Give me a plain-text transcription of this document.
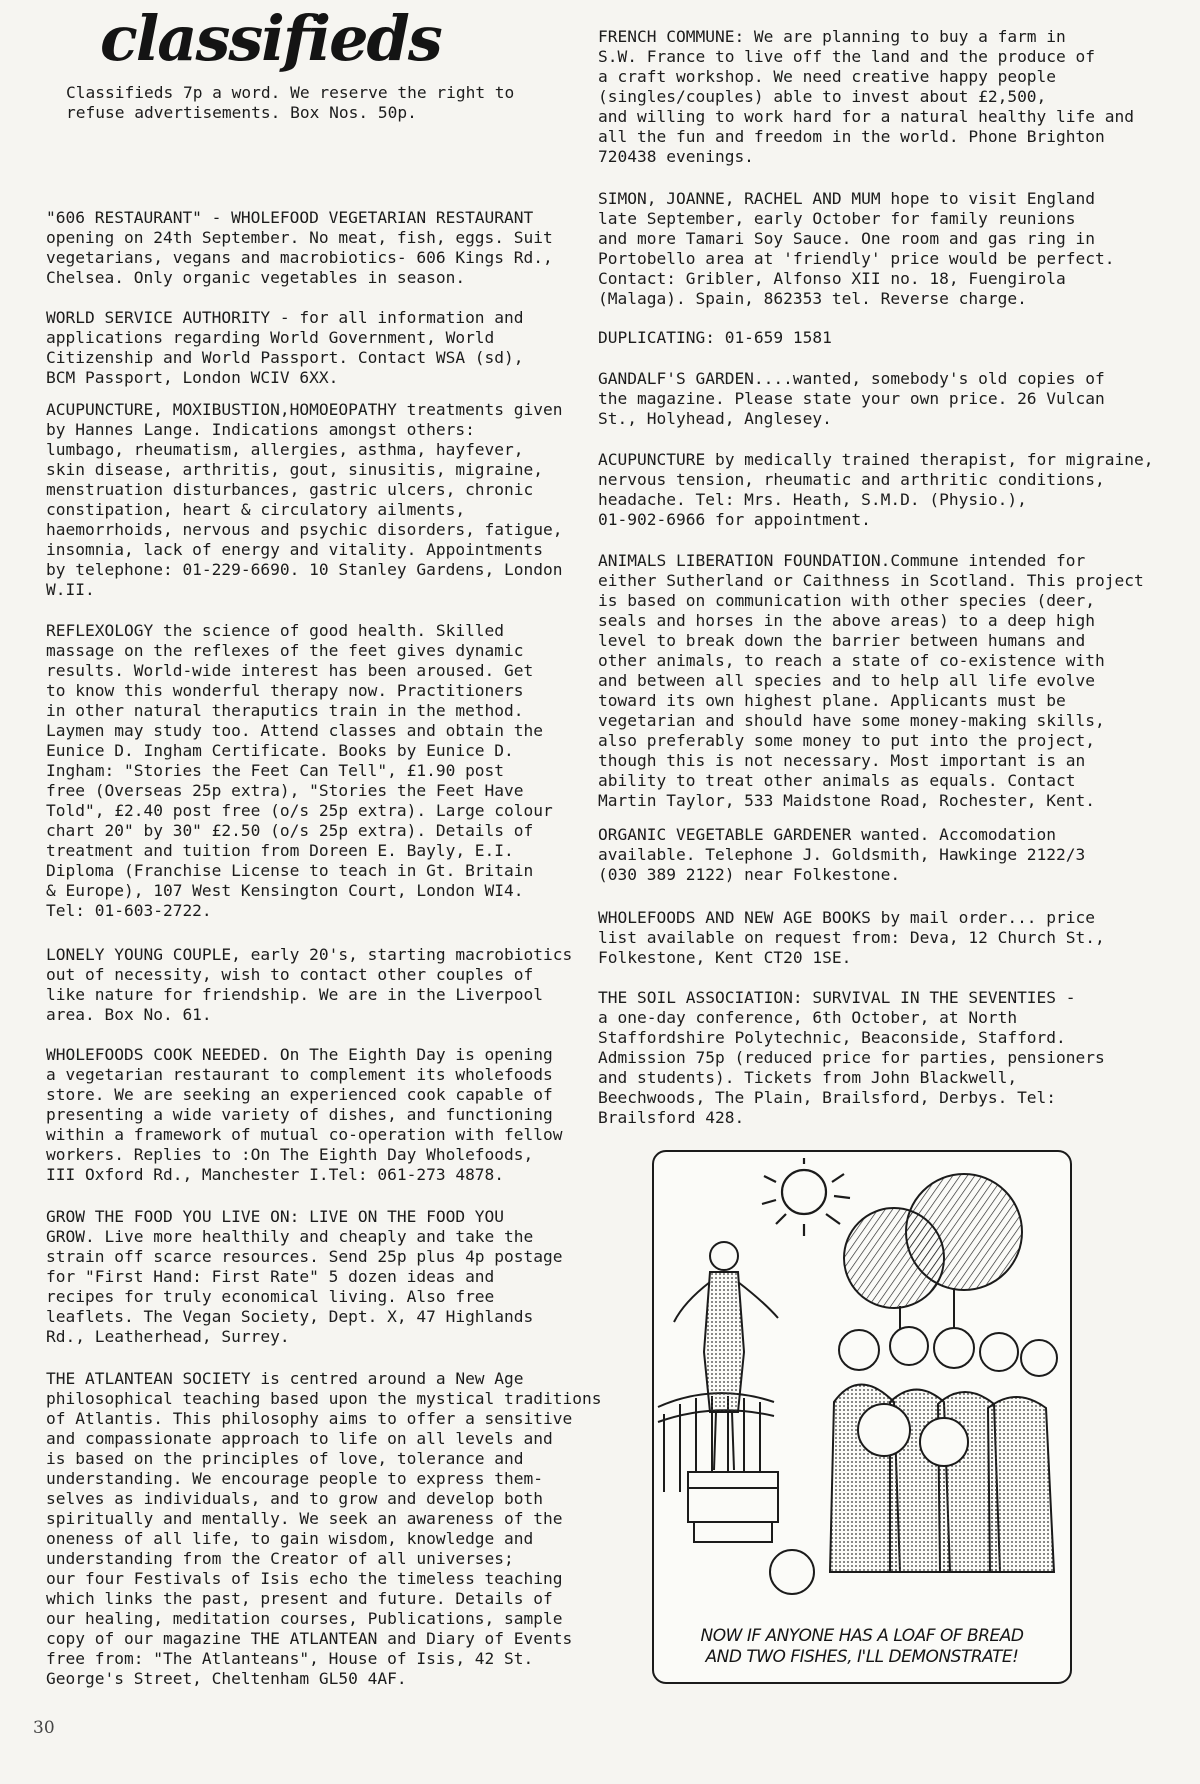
classifieds
Classifieds 7p a word. We reserve the right to
refuse advertisements. Box Nos. 50p.
"606 RESTAURANT" - WHOLEFOOD VEGETARIAN RESTAURANT
opening on 24th September. No meat, fish, eggs. Suit
vegetarians, vegans and macrobiotics- 606 Kings Rd.,
Chelsea. Only organic vegetables in season.
WORLD SERVICE AUTHORITY - for all information and
applications regarding World Government, World
Citizenship and World Passport. Contact WSA (sd),
BCM Passport, London WCIV 6XX.
ACUPUNCTURE, MOXIBUSTION,HOMOEOPATHY treatments given
by Hannes Lange. Indications amongst others:
lumbago, rheumatism, allergies, asthma, hayfever,
skin disease, arthritis, gout, sinusitis, migraine,
menstruation disturbances, gastric ulcers, chronic
constipation, heart & circulatory ailments,
haemorrhoids, nervous and psychic disorders, fatigue,
insomnia, lack of energy and vitality. Appointments
by telephone: 01-229-6690. 10 Stanley Gardens, London
W.II.
REFLEXOLOGY the science of good health. Skilled
massage on the reflexes of the feet gives dynamic
results. World-wide interest has been aroused. Get
to know this wonderful therapy now. Practitioners
in other natural theraputics train in the method.
Laymen may study too. Attend classes and obtain the
Eunice D. Ingham Certificate. Books by Eunice D.
Ingham: "Stories the Feet Can Tell", £1.90 post
free (Overseas 25p extra), "Stories the Feet Have
Told", £2.40 post free (o/s 25p extra). Large colour
chart 20" by 30" £2.50 (o/s 25p extra). Details of
treatment and tuition from Doreen E. Bayly, E.I.
Diploma (Franchise License to teach in Gt. Britain
& Europe), 107 West Kensington Court, London WI4.
Tel: 01-603-2722.
LONELY YOUNG COUPLE, early 20's, starting macrobiotics
out of necessity, wish to contact other couples of
like nature for friendship. We are in the Liverpool
area. Box No. 61.
WHOLEFOODS COOK NEEDED. On The Eighth Day is opening
a vegetarian restaurant to complement its wholefoods
store. We are seeking an experienced cook capable of
presenting a wide variety of dishes, and functioning
within a framework of mutual co-operation with fellow
workers. Replies to :On The Eighth Day Wholefoods,
III Oxford Rd., Manchester I.Tel: 061-273 4878.
GROW THE FOOD YOU LIVE ON: LIVE ON THE FOOD YOU
GROW. Live more healthily and cheaply and take the
strain off scarce resources. Send 25p plus 4p postage
for "First Hand: First Rate" 5 dozen ideas and
recipes for truly economical living. Also free
leaflets. The Vegan Society, Dept. X, 47 Highlands
Rd., Leatherhead, Surrey.
THE ATLANTEAN SOCIETY is centred around a New Age
philosophical teaching based upon the mystical traditions
of Atlantis. This philosophy aims to offer a sensitive
and compassionate approach to life on all levels and
is based on the principles of love, tolerance and
understanding. We encourage people to express them-
selves as individuals, and to grow and develop both
spiritually and mentally. We seek an awareness of the
oneness of all life, to gain wisdom, knowledge and
understanding from the Creator of all universes;
our four Festivals of Isis echo the timeless teaching
which links the past, present and future. Details of
our healing, meditation courses, Publications, sample
copy of our magazine THE ATLANTEAN and Diary of Events
free from: "The Atlanteans", House of Isis, 42 St.
George's Street, Cheltenham GL50 4AF.
FRENCH COMMUNE: We are planning to buy a farm in
S.W. France to live off the land and the produce of
a craft workshop. We need creative happy people
(singles/couples) able to invest about £2,500,
and willing to work hard for a natural healthy life and
all the fun and freedom in the world. Phone Brighton
720438 evenings.
SIMON, JOANNE, RACHEL AND MUM hope to visit England
late September, early October for family reunions
and more Tamari Soy Sauce. One room and gas ring in
Portobello area at 'friendly' price would be perfect.
Contact: Gribler, Alfonso XII no. 18, Fuengirola
(Malaga). Spain, 862353 tel. Reverse charge.
DUPLICATING: 01-659 1581
GANDALF'S GARDEN....wanted, somebody's old copies of
the magazine. Please state your own price. 26 Vulcan
St., Holyhead, Anglesey.
ACUPUNCTURE by medically trained therapist, for migraine,
nervous tension, rheumatic and arthritic conditions,
headache. Tel: Mrs. Heath, S.M.D. (Physio.),
01-902-6966 for appointment.
ANIMALS LIBERATION FOUNDATION.Commune intended for
either Sutherland or Caithness in Scotland. This project
is based on communication with other species (deer,
seals and horses in the above areas) to a deep high
level to break down the barrier between humans and
other animals, to reach a state of co-existence with
and between all species and to help all life evolve
toward its own highest plane. Applicants must be
vegetarian and should have some money-making skills,
also preferably some money to put into the project,
though this is not necessary. Most important is an
ability to treat other animals as equals. Contact
Martin Taylor, 533 Maidstone Road, Rochester, Kent.
ORGANIC VEGETABLE GARDENER wanted. Accomodation
available. Telephone J. Goldsmith, Hawkinge 2122/3
(030 389 2122) near Folkestone.
WHOLEFOODS AND NEW AGE BOOKS by mail order... price
list available on request from: Deva, 12 Church St.,
Folkestone, Kent CT20 1SE.
THE SOIL ASSOCIATION: SURVIVAL IN THE SEVENTIES -
a one-day conference, 6th October, at North
Staffordshire Polytechnic, Beaconside, Stafford.
Admission 75p (reduced price for parties, pensioners
and students). Tickets from John Blackwell,
Beechwoods, The Plain, Brailsford, Derbys. Tel:
Brailsford 428.
NOW IF ANYONE HAS A LOAF OF BREAD
AND TWO FISHES, I'LL DEMONSTRATE!
30
